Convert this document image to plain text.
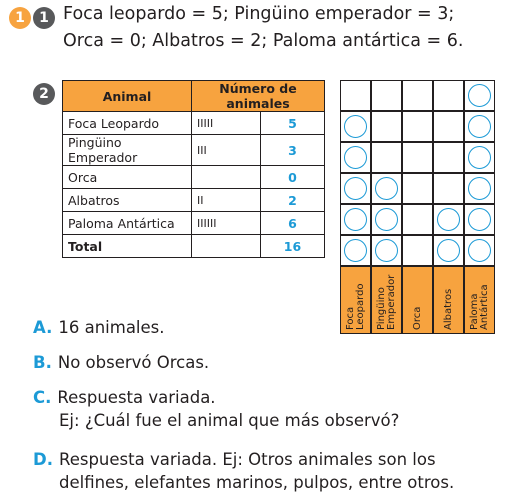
1	1 Foca leopardo = 5; Pingüino emperador = 3;
Orca = 0; Albatros = 2; Paloma antártica = 6.
2	Animal	Número de animales	
Foca Leopardo	IIIII	5
Pingüino Emperador	III	3
Orca		0
Albatros	II	2
Paloma Antártica	IIIIII	6
Total		16
Foca Leopardo Pingüino Emperador Orca Albatros Paloma Antártica
A. 16 animales.
B. No observó Orcas.
C. Respuesta variada.
Ej: ¿Cuál fue el animal que más observó?
D. Respuesta variada. Ej: Otros animales son los
delfines, elefantes marinos, pulpos, entre otros.
